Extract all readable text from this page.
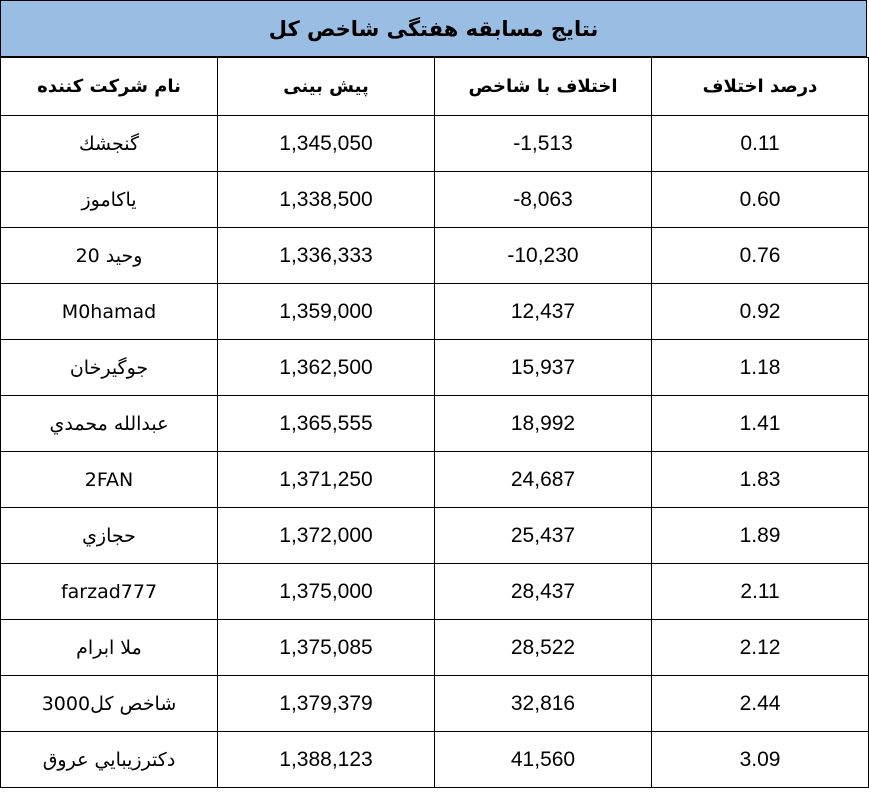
نتایج مسابقه هفتگی شاخص کل
نام شرکت کننده	پیش بینی	اختلاف با شاخص	درصد اختلاف
گنجشك	1,345,050	-1,513	0.11
ياكاموز	1,338,500	-8,063	0.60
وحيد 20	1,336,333	-10,230	0.76
M0hamad	1,359,000	12,437	0.92
جوگيرخان	1,362,500	15,937	1.18
عبدالله محمدي	1,365,555	18,992	1.41
2FAN	1,371,250	24,687	1.83
حجازي	1,372,000	25,437	1.89
farzad777	1,375,000	28,437	2.11
ملا ابرام	1,375,085	28,522	2.12
شاخص كل3000	1,379,379	32,816	2.44
دكترزيبايي عروق	1,388,123	41,560	3.09
